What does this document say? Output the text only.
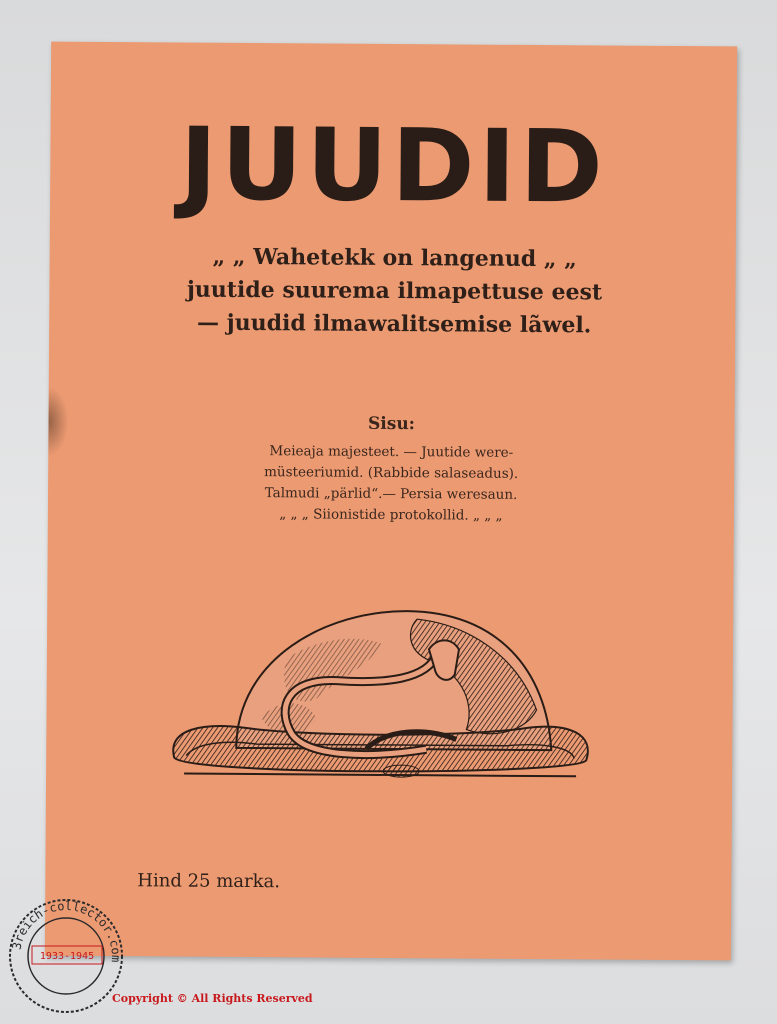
JUUDID
„ „ Wahetekk on langenud „ „
juutide suurema ilmapettuse eest
— juudid ilmawalitsemise lãwel.
Sisu:
Meieaja majesteet. — Juutide were-
müsteeriumid. (Rabbide salaseadus).
Talmudi „pärlid“.— Persia weresaun.
„ „ „ Siionistide protokollid. „ „ „
Hind 25 marka.
3reich-collector.com
1933-1945
Copyright © All Rights Reserved
